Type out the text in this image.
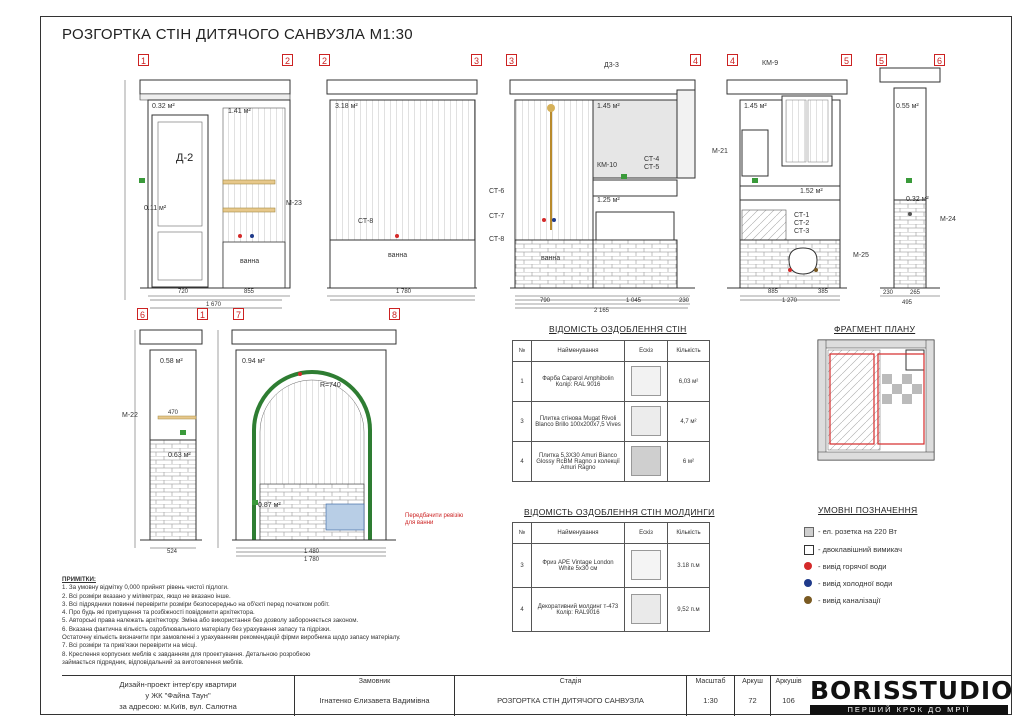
РОЗГОРТКА СТІН ДИТЯЧОГО САНВУЗЛА М1:30
1	2	2	3	3	4	4	5	5	6
6	1	7	8
Д-2
ванна
0.32 м²
1.41 м²
0.11 м²
М-23
1 670
720	855
ванна
3.18 м²
СТ-8
1 780
1.45 м²
1.25 м²
Д3-3
КМ-10
СТ-4
СТ-5
СТ-6
СТ-7
СТ-8
ванна
2 165
790	1 045	230
1.45 м²
1.52 м²
КМ-9
М-21
СТ-1
СТ-2
СТ-3
М-25
1 270
885	385
0.55 м²
0.32 м²
М-24
495
230	265
0.58 м²
0.63 м²
М-22
524
470
0.94 м²
0.87 м²
R=740
Передбачити ревізію для ванни
1 780
1 480
ВІДОМІСТЬ ОЗДОБЛЕННЯ СТІН
№	Найменування	Ескіз	Кількість
1	Фарба Caparol Amphibolin Колір: RAL 9016		6,03 м²
3	Плитка стінова Mugat Rivoli Blanco Brillo 100x200x7,5 Vives		4,7 м²
4	Плитка 5,3Х30 Amuri Bianco Glossy RcBM Ragno з колекції Amuri Ragno		6 м²
ВІДОМІСТЬ ОЗДОБЛЕННЯ СТІН МОЛДИНГИ
№	Найменування	Ескіз	Кількість
3	Фриз APE Vintage London White 5х30 см		3.18 п.м
4	Декоративний молдинг т-473 Колір: RAL9016		9,52 п.м
ФРАГМЕНТ ПЛАНУ
УМОВНІ ПОЗНАЧЕННЯ
- ел. розетка на 220 Вт
- двоклавішний вимикач
- вивід горячої води
- вивід холодної води
- вивід каналізації
ПРИМІТКИ:
1. За умовну відмітку 0,000 прийнят рівень чистої підлоги.
2. Всі розміри вказано у міліметрах, якщо не вказано інше.
3. Всі підрядники повинні перевірити розміри безпосередньо на об'єкті перед початком робіт.
4. Про будь які припущення та розбіжності повідомити архітектора.
5. Авторські права належать архітектору. Зміна або використання без дозволу забороняється законом.
6. Вказана фактична кількість оздоблювального матеріалу без урахування запасу та підрізки.
Остаточну кількість визначити при замовленні з урахуванням рекомендацій фірми виробника щодо запасу матеріалу.
7. Всі розміри та прив'язки перевірити на місці.
8. Креслення корпусних меблів є завданням для проектування. Детальною розробкою
займається підрядник, відповідальний за виготовлення меблів.
Дизайн-проект інтер'єру квартири
у ЖК "Файна Таун"
за адресою: м.Київ, вул. Салютна
Замовник
Ігнатенко Єлизавета Вадимівна
Стадія
РОЗГОРТКА СТІН ДИТЯЧОГО САНВУЗЛА
Масштаб
1:30
Аркуш
72
Аркушів
106 BORISSTUDIO
ПЕРШИЙ КРОК ДО МРІЇ
